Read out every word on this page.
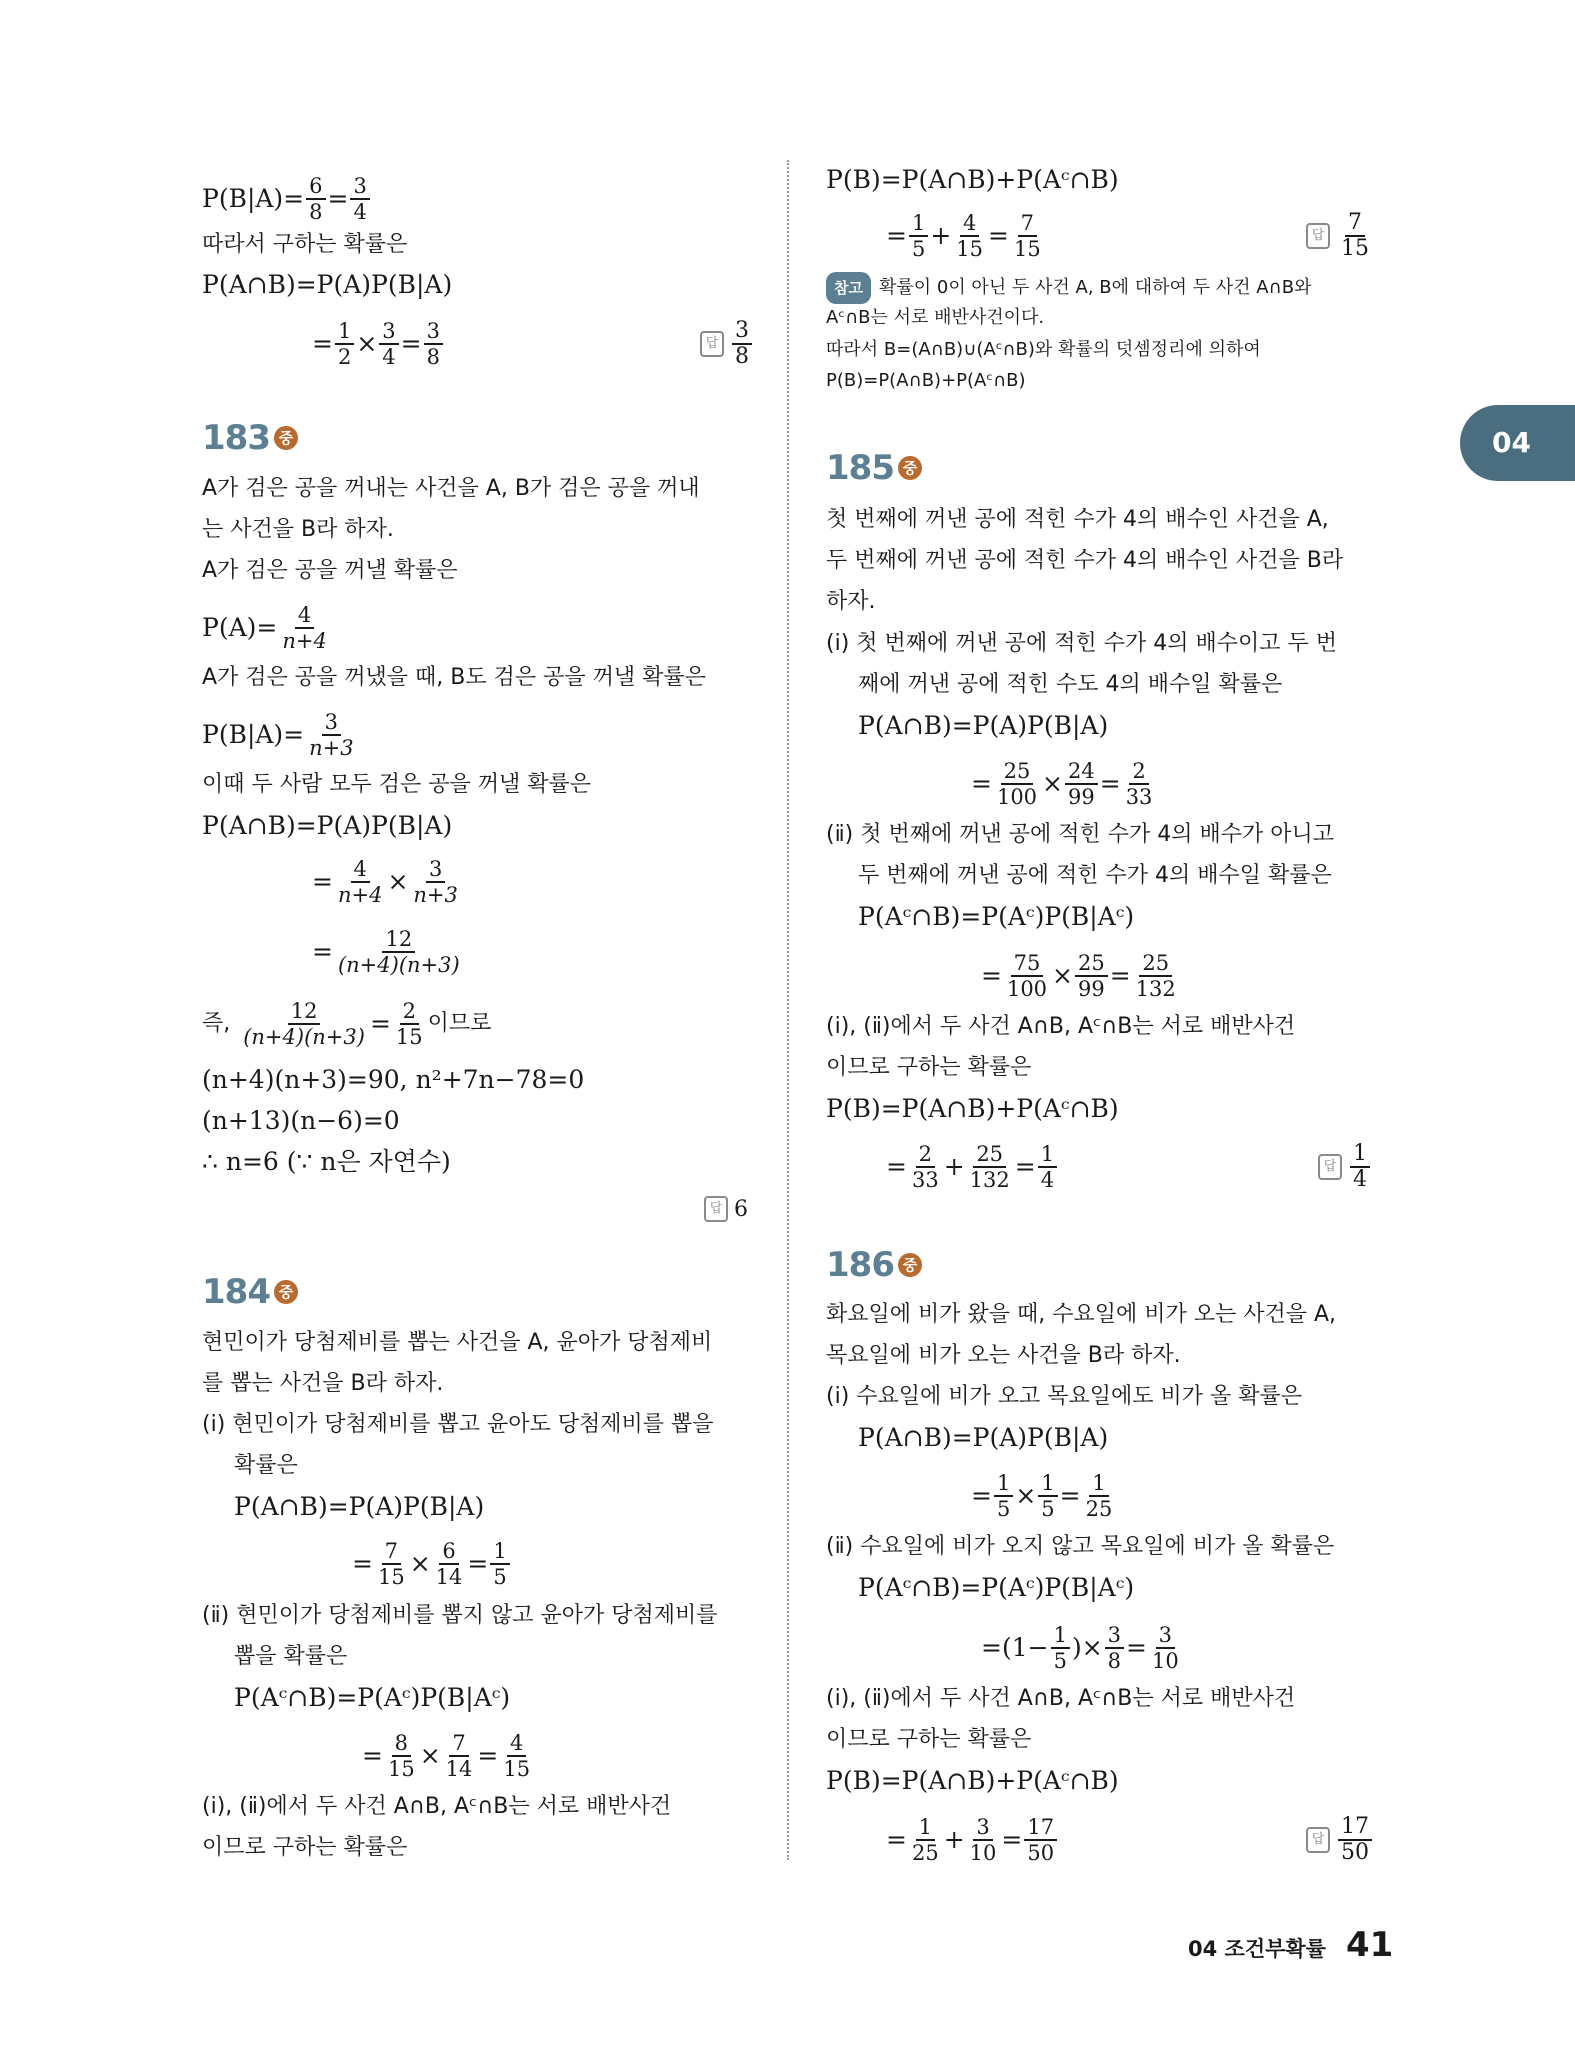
04
$P(B|A)= \frac{6}{8} = \frac{3}{4}$
따라서 구하는 확률은
P(A∩B)=P(A)P(B|A)
= $\frac{1}{2} \times \frac{3}{4} = \frac{3}{8}$	답 $\frac{3}{8}$
183 중
A가 검은 공을 꺼내는 사건을 A, B가 검은 공을 꺼내
는 사건을 B라 하자.
A가 검은 공을 꺼낼 확률은
$P(A)= \frac{4}{n+4}$
A가 검은 공을 꺼냈을 때, B도 검은 공을 꺼낼 확률은
$P(B|A)= \frac{3}{n+3}$
이때 두 사람 모두 검은 공을 꺼낼 확률은
P(A∩B)=P(A)P(B|A)
= $\frac{4}{n+4} \times \frac{3}{n+3}$
= $\frac{12}{(n+4)(n+3)}$
즉,
$\frac{12}{(n+4)(n+3)} = \frac{2}{15}$ 이므로
(n+4)(n+3)=90, n²+7n−78=0
(n+13)(n−6)=0
∴ n=6 (∵ n은 자연수)
답 6
184 중
현민이가 당첨제비를 뽑는 사건을 A, 윤아가 당첨제비
를 뽑는 사건을 B라 하자.
(ⅰ) 현민이가 당첨제비를 뽑고 윤아도 당첨제비를 뽑을
확률은
P(A∩B)=P(A)P(B|A)
= $\frac{7}{15} \times \frac{6}{14} = \frac{1}{5}$
(ⅱ) 현민이가 당첨제비를 뽑지 않고 윤아가 당첨제비를
뽑을 확률은
P(Aᶜ∩B)=P(Aᶜ)P(B|Aᶜ)
= $\frac{8}{15} \times \frac{7}{14} = \frac{4}{15}$
(ⅰ), (ⅱ)에서 두 사건 A∩B, Aᶜ∩B는 서로 배반사건
이므로 구하는 확률은
P(B)=P(A∩B)+P(Aᶜ∩B)
= $\frac{1}{5} + \frac{4}{15} = \frac{7}{15}$	답 $\frac{7}{15}$
참고 확률이 0이 아닌 두 사건 A, B에 대하여 두 사건 A∩B와
Aᶜ∩B는 서로 배반사건이다.
따라서 B=(A∩B)∪(Aᶜ∩B)와 확률의 덧셈정리에 의하여
P(B)=P(A∩B)+P(Aᶜ∩B)
185 중
첫 번째에 꺼낸 공에 적힌 수가 4의 배수인 사건을 A,
두 번째에 꺼낸 공에 적힌 수가 4의 배수인 사건을 B라
하자.
(ⅰ) 첫 번째에 꺼낸 공에 적힌 수가 4의 배수이고 두 번
째에 꺼낸 공에 적힌 수도 4의 배수일 확률은
P(A∩B)=P(A)P(B|A)
= $\frac{25}{100} \times \frac{24}{99} = \frac{2}{33}$
(ⅱ) 첫 번째에 꺼낸 공에 적힌 수가 4의 배수가 아니고
두 번째에 꺼낸 공에 적힌 수가 4의 배수일 확률은
P(Aᶜ∩B)=P(Aᶜ)P(B|Aᶜ)
= $\frac{75}{100} \times \frac{25}{99} = \frac{25}{132}$
(ⅰ), (ⅱ)에서 두 사건 A∩B, Aᶜ∩B는 서로 배반사건
이므로 구하는 확률은
P(B)=P(A∩B)+P(Aᶜ∩B)
= $\frac{2}{33} + \frac{25}{132} = \frac{1}{4}$	답 $\frac{1}{4}$
186 중
화요일에 비가 왔을 때, 수요일에 비가 오는 사건을 A,
목요일에 비가 오는 사건을 B라 하자.
(ⅰ) 수요일에 비가 오고 목요일에도 비가 올 확률은
P(A∩B)=P(A)P(B|A)
= $\frac{1}{5} \times \frac{1}{5} = \frac{1}{25}$
(ⅱ) 수요일에 비가 오지 않고 목요일에 비가 올 확률은
P(Aᶜ∩B)=P(Aᶜ)P(B|Aᶜ)
$=(1- \frac{1}{5}$ )× $\frac{3}{8} = \frac{3}{10}$
(ⅰ), (ⅱ)에서 두 사건 A∩B, Aᶜ∩B는 서로 배반사건
이므로 구하는 확률은
P(B)=P(A∩B)+P(Aᶜ∩B)
= $\frac{1}{25} + \frac{3}{10} = \frac{17}{50}$	답 $\frac{17}{50}$
04 조건부확률 41
